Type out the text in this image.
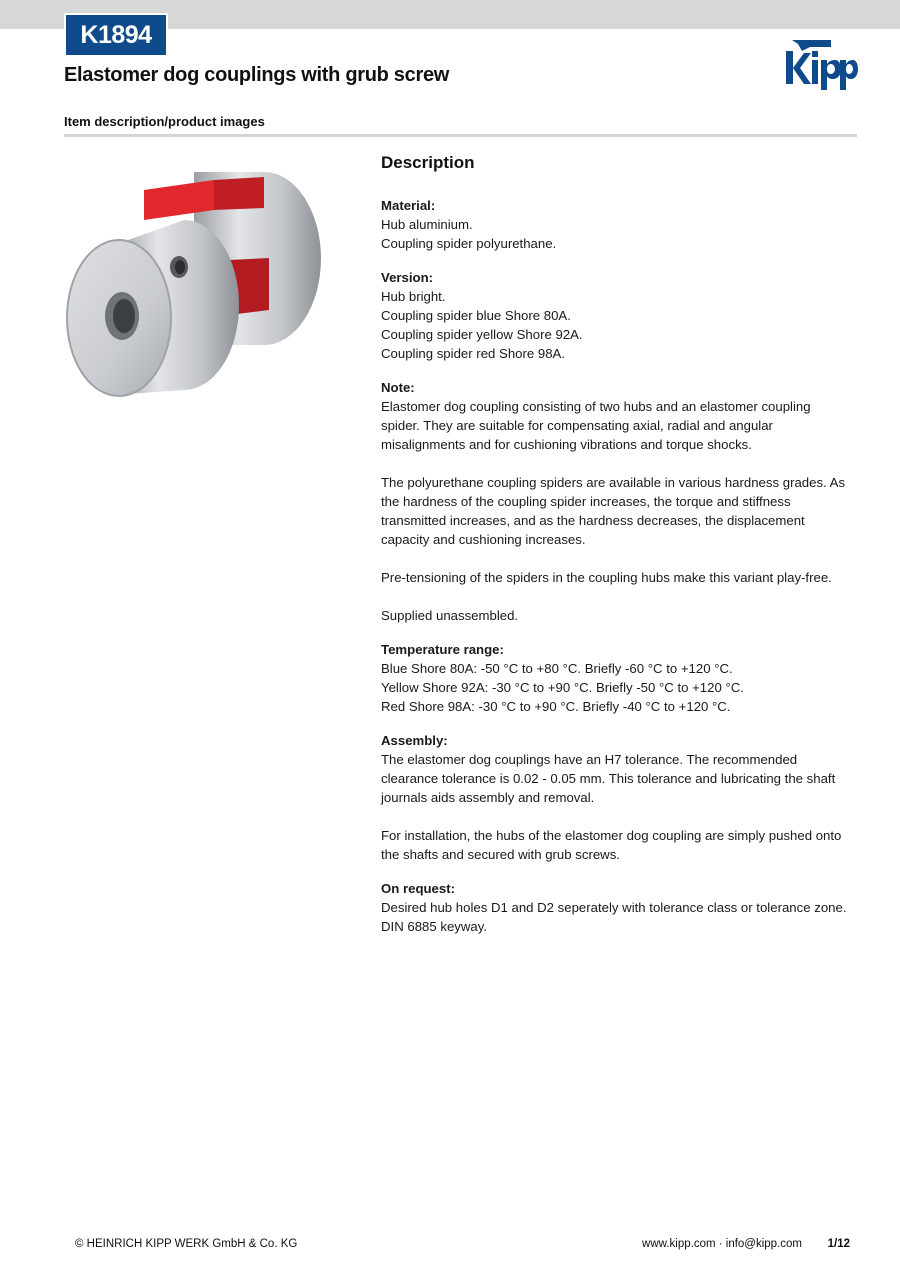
K1894
Elastomer dog couplings with grub screw
Item description/product images
Description
Material:
Hub aluminium.
Coupling spider polyurethane.
Version:
Hub bright.
Coupling spider blue Shore 80A.
Coupling spider yellow Shore 92A.
Coupling spider red Shore 98A.
Note:
Elastomer dog coupling consisting of two hubs and an elastomer coupling spider. They are suitable for compensating axial, radial and angular misalignments and for cushioning vibrations and torque shocks.
The polyurethane coupling spiders are available in various hardness grades. As the hardness of the coupling spider increases, the torque and stiffness transmitted increases, and as the hardness decreases, the displacement capacity and cushioning increases.
Pre-tensioning of the spiders in the coupling hubs make this variant play-free.
Supplied unassembled.
Temperature range:
Blue Shore 80A: -50 °C to +80 °C. Briefly -60 °C to +120 °C.
Yellow Shore 92A: -30 °C to +90 °C. Briefly -50 °C to +120 °C.
Red Shore 98A: -30 °C to +90 °C. Briefly -40 °C to +120 °C.
Assembly:
The elastomer dog couplings have an H7 tolerance. The recommended clearance tolerance is 0.02 - 0.05 mm. This tolerance and lubricating the shaft journals aids assembly and removal.
For installation, the hubs of the elastomer dog coupling are simply pushed onto the shafts and secured with grub screws.
On request:
Desired hub holes D1 and D2 seperately with tolerance class or tolerance zone.
DIN 6885 keyway.
© HEINRICH KIPP WERK GmbH & Co. KG	www.kipp.com · info@kipp.com 1/12
